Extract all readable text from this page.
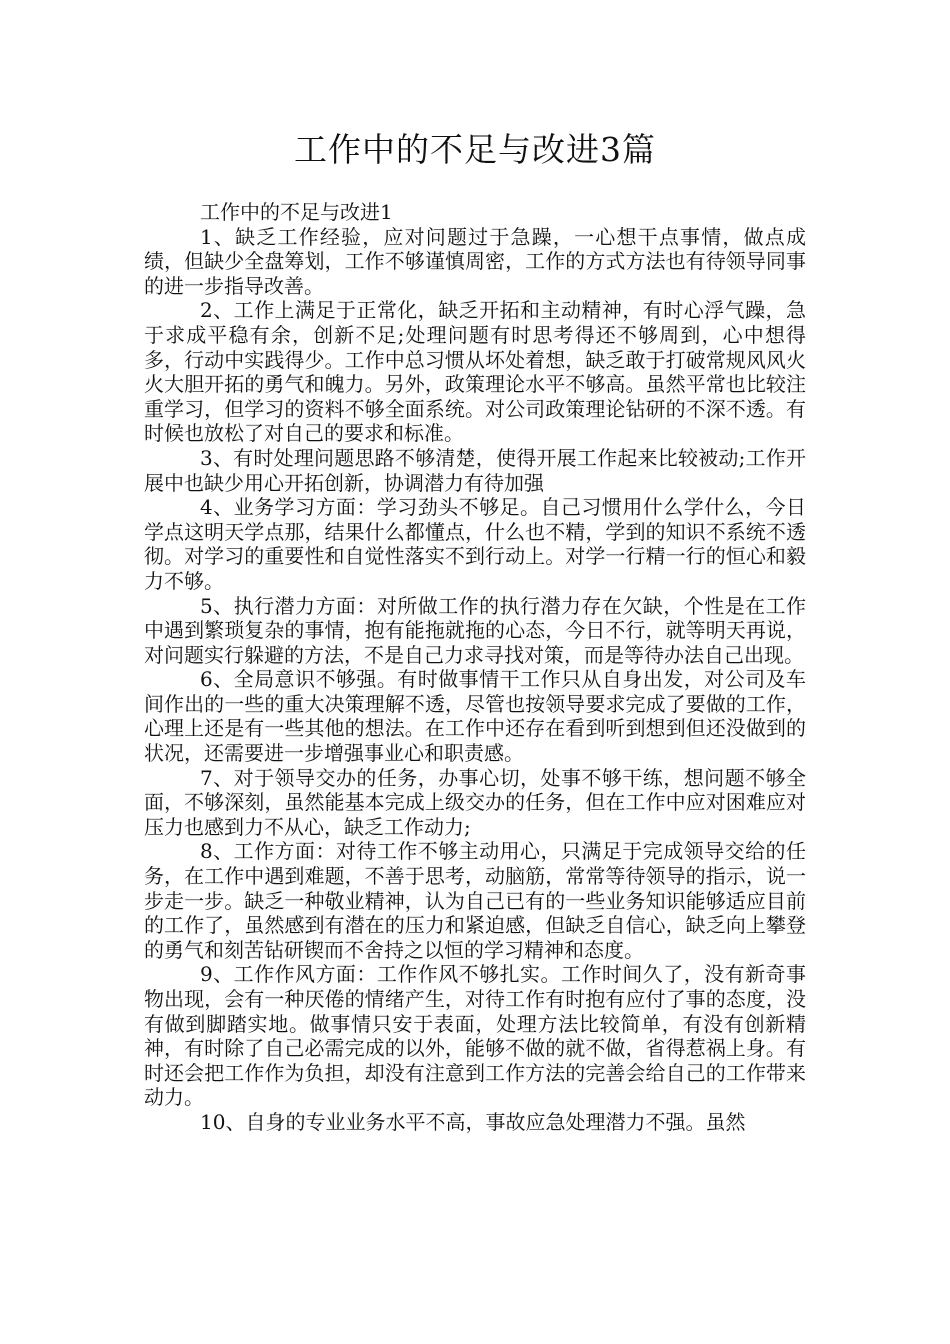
工作中的不足与改进3篇

工作中的不足与改进1

1、缺乏工作经验，应对问题过于急躁，一心想干点事情，做点成绩，但缺少全盘筹划，工作不够谨慎周密，工作的方式方法也有待领导同事的进一步指导改善。

2、工作上满足于正常化，缺乏开拓和主动精神，有时心浮气躁，急于求成平稳有余，创新不足;处理问题有时思考得还不够周到，心中想得多，行动中实践得少。工作中总习惯从坏处着想，缺乏敢于打破常规风风火火大胆开拓的勇气和魄力。另外，政策理论水平不够高。虽然平常也比较注重学习，但学习的资料不够全面系统。对公司政策理论钻研的不深不透。有时候也放松了对自己的要求和标准。

3、有时处理问题思路不够清楚，使得开展工作起来比较被动;工作开展中也缺少用心开拓创新，协调潜力有待加强

4、业务学习方面：学习劲头不够足。自己习惯用什么学什么，今日学点这明天学点那，结果什么都懂点，什么也不精，学到的知识不系统不透彻。对学习的重要性和自觉性落实不到行动上。对学一行精一行的恒心和毅力不够。

5、执行潜力方面：对所做工作的执行潜力存在欠缺，个性是在工作中遇到繁琐复杂的事情，抱有能拖就拖的心态，今日不行，就等明天再说，对问题实行躲避的方法，不是自己力求寻找对策，而是等待办法自己出现。

6、全局意识不够强。有时做事情干工作只从自身出发，对公司及车间作出的一些的重大决策理解不透，尽管也按领导要求完成了要做的工作，心理上还是有一些其他的想法。在工作中还存在看到听到想到但还没做到的状况，还需要进一步增强事业心和职责感。

7、对于领导交办的任务，办事心切，处事不够干练，想问题不够全面，不够深刻，虽然能基本完成上级交办的任务，但在工作中应对困难应对压力也感到力不从心，缺乏工作动力;

8、工作方面：对待工作不够主动用心，只满足于完成领导交给的任务，在工作中遇到难题，不善于思考，动脑筋，常常等待领导的指示，说一步走一步。缺乏一种敬业精神，认为自己已有的一些业务知识能够适应目前的工作了，虽然感到有潜在的压力和紧迫感，但缺乏自信心，缺乏向上攀登的勇气和刻苦钻研锲而不舍持之以恒的学习精神和态度。

9、工作作风方面：工作作风不够扎实。工作时间久了，没有新奇事物出现，会有一种厌倦的情绪产生，对待工作有时抱有应付了事的态度，没有做到脚踏实地。做事情只安于表面，处理方法比较简单，有没有创新精神，有时除了自己必需完成的以外，能够不做的就不做，省得惹祸上身。有时还会把工作作为负担，却没有注意到工作方法的完善会给自己的工作带来动力。

10、自身的专业业务水平不高，事故应急处理潜力不强。虽然
